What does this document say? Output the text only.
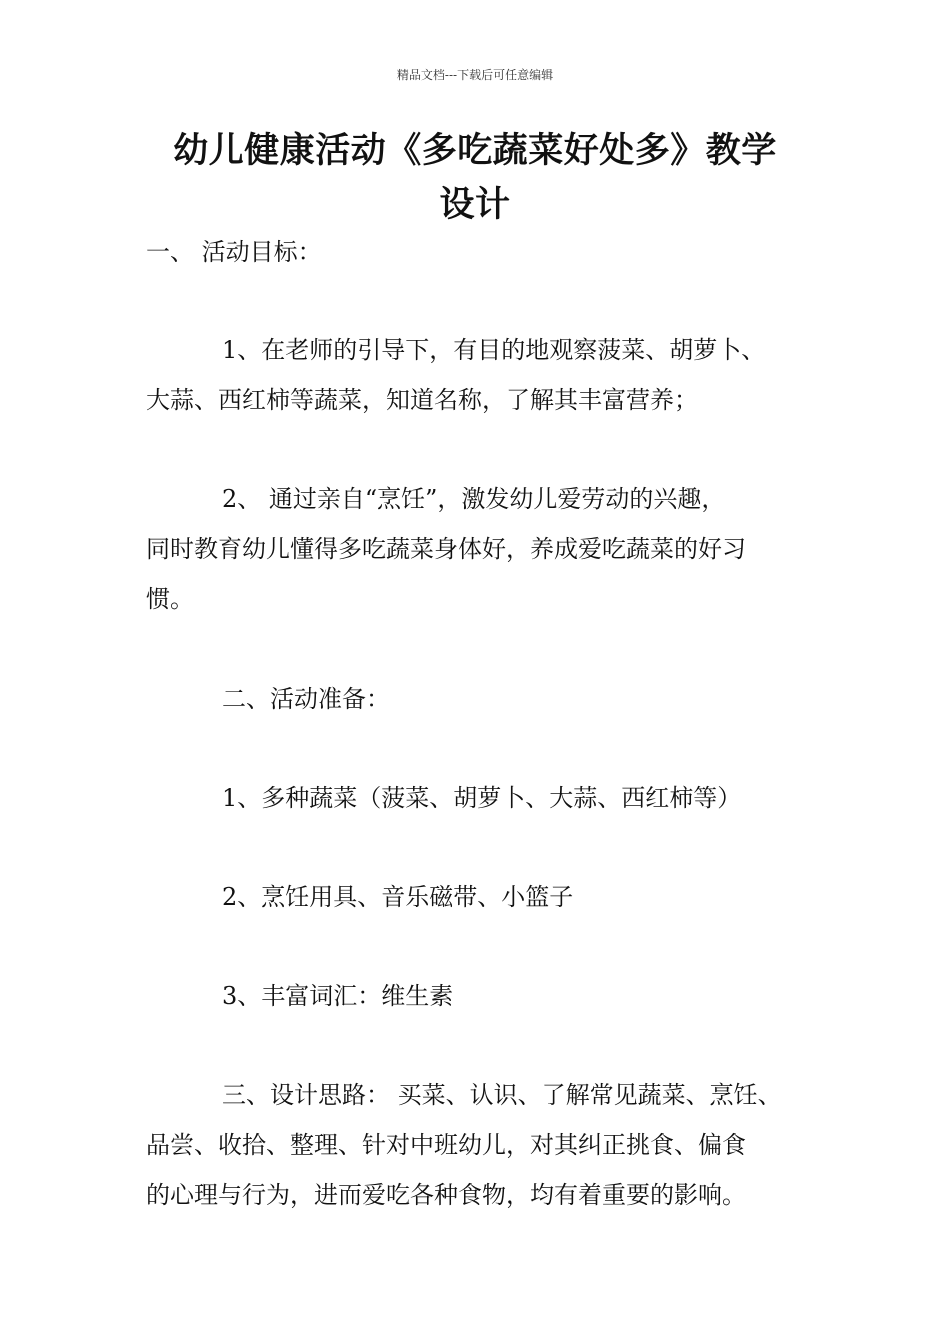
精品文档---下载后可任意编辑
幼儿健康活动《多吃蔬菜好处多》教学
设计
一、 活动目标：
1、在老师的引导下，有目的地观察菠菜、胡萝卜、
大蒜、西红柿等蔬菜，知道名称，了解其丰富营养；
2、 通过亲自“烹饪”，激发幼儿爱劳动的兴趣，
同时教育幼儿懂得多吃蔬菜身体好，养成爱吃蔬菜的好习
惯。
二、活动准备：
1、多种蔬菜（菠菜、胡萝卜、大蒜、西红柿等）
2、烹饪用具、音乐磁带、小篮子
3、丰富词汇：维生素
三、设计思路： 买菜、认识、了解常见蔬菜、烹饪、
品尝、收拾、整理、针对中班幼儿，对其纠正挑食、偏食
的心理与行为，进而爱吃各种食物，均有着重要的影响。
